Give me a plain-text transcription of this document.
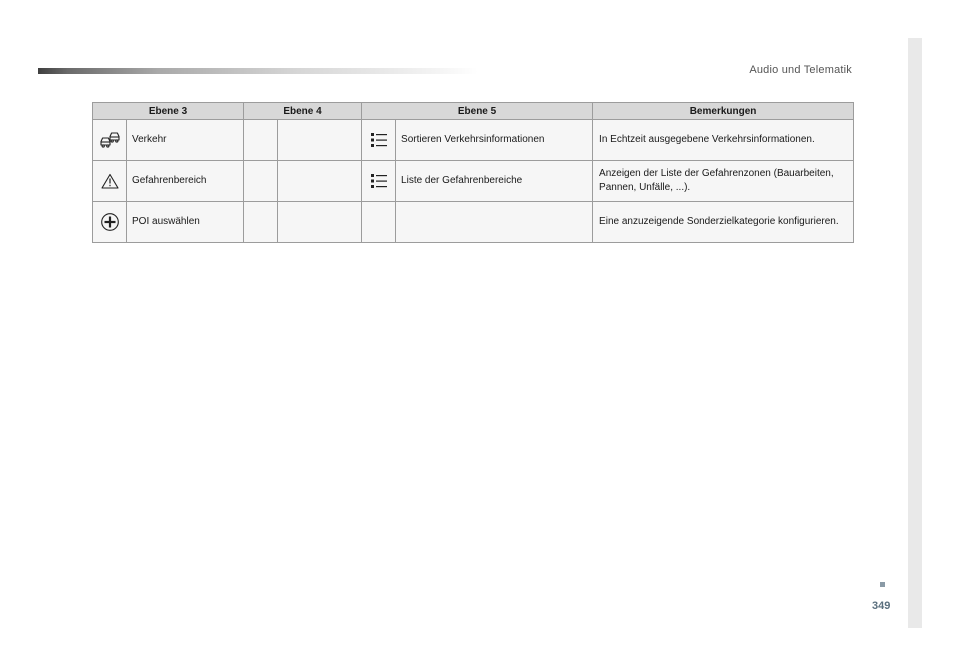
Audio und Telematik
Ebene 3		Ebene 4		Ebene 5		Bemerkungen

	Verkehr				Sortieren Verkehrsinformationen	In Echtzeit ausgegebene Verkehrsinformationen.

	Gefahrenbereich				Liste der Gefahrenbereiche	Anzeigen der Liste der Gefahrenzonen (Bauarbeiten, Pannen, Unfälle, ...).

	POI auswählen					Eine anzuzeigende Sonderzielkategorie konfigurieren.
349
